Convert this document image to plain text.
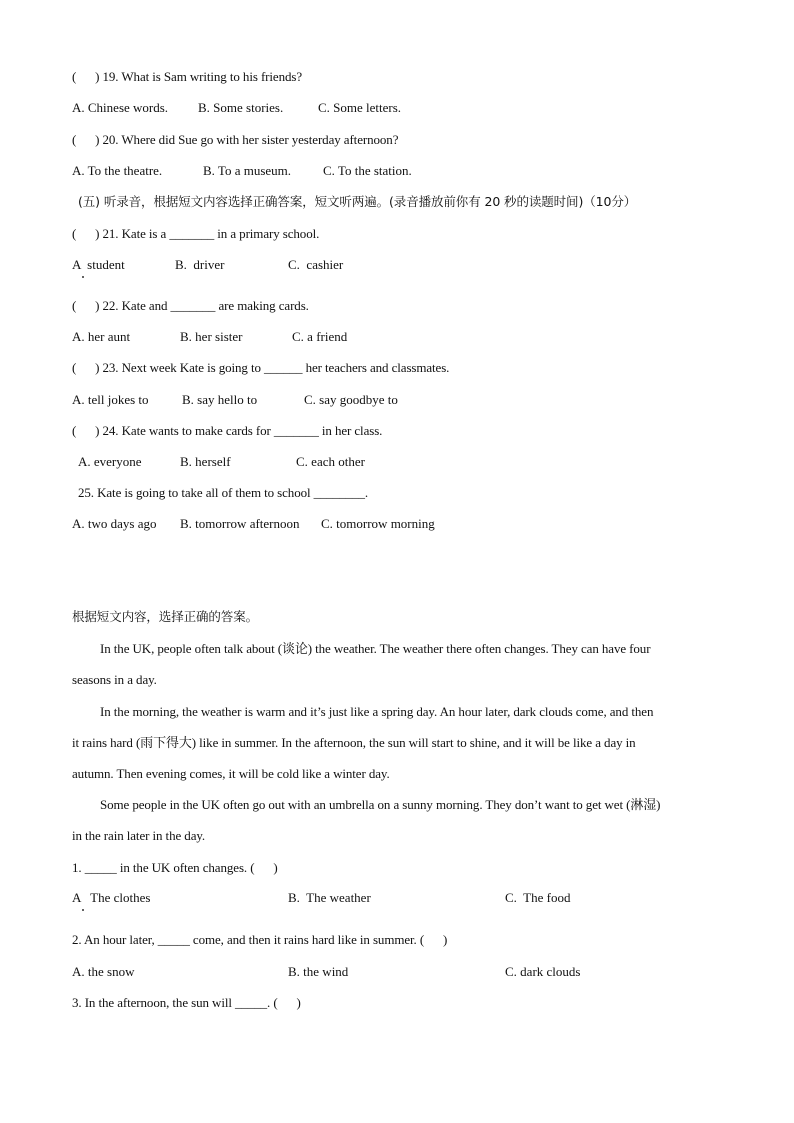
(      ) 19. What is Sam writing to his friends?
A. Chinese words. B. Some stories.	C. Some letters.
(      ) 20. Where did Sue go with her sister yesterday afternoon?
A. To the theatre.	B. To a museum. C. To the station.
(五) 听录音，根据短文内容选择正确答案，短文听两遍。(录音播放前你有 20 秒的读题时间)（10分）
(      ) 21. Kate is a _______ in a primary school.
A  student	B.  driver	C.  cashier
(      ) 22. Kate and _______ are making cards.
A. her aunt	B. her sister	C. a friend
(      ) 23. Next week Kate is going to ______ her teachers and classmates.
A. tell jokes to	B. say hello to	C. say goodbye to
(      ) 24. Kate wants to make cards for _______ in her class.
A. everyone	B. herself	C. each other
25. Kate is going to take all of them to school ________.
A. two days ago B. tomorrow afternoon C. tomorrow morning
根据短文内容，选择正确的答案。
In the UK, people often talk about (谈论) the weather. The weather there often changes. They can have four
seasons in a day.
In the morning, the weather is warm and it’s just like a spring day. An hour later, dark clouds come, and then
it rains hard (雨下得大) like in summer. In the afternoon, the sun will start to shine, and it will be like a day in
autumn. Then evening comes, it will be cold like a winter day.
Some people in the UK often go out with an umbrella on a sunny morning. They don’t want to get wet (淋湿)
in the rain later in the day.
1. _____ in the UK often changes. (      )
A   The clothes	B.  The weather	C.  The food
2. An hour later, _____ come, and then it rains hard like in summer. (      )
A. the snow	B. the wind	C. dark clouds
3. In the afternoon, the sun will _____. (      )
